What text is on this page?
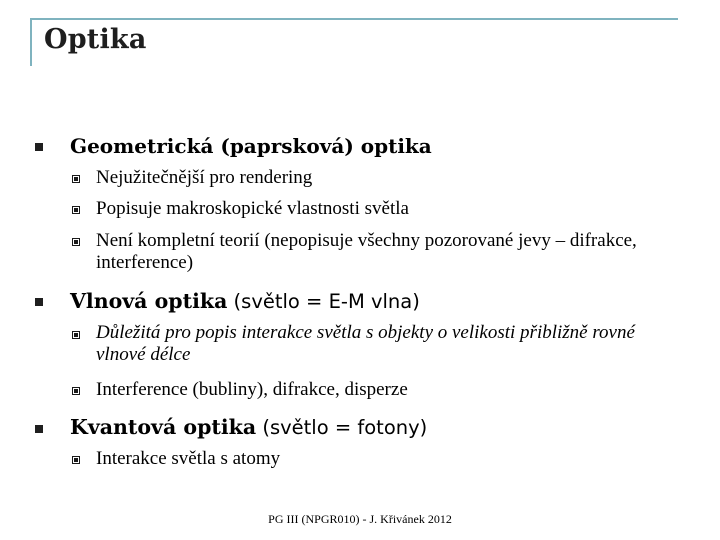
Optika
Geometrická (paprsková) optika
Nejužitečnější pro rendering
Popisuje makroskopické vlastnosti světla
Není kompletní teorií (nepopisuje všechny pozorované jevy – difrakce, interference)
Vlnová optika (světlo = E-M vlna)
Důležitá pro popis interakce světla s objekty o velikosti přibližně rovné vlnové délce
Interference (bubliny), difrakce, disperze
Kvantová optika (světlo = fotony)
Interakce světla s atomy
PG III (NPGR010) - J. Křivánek 2012
